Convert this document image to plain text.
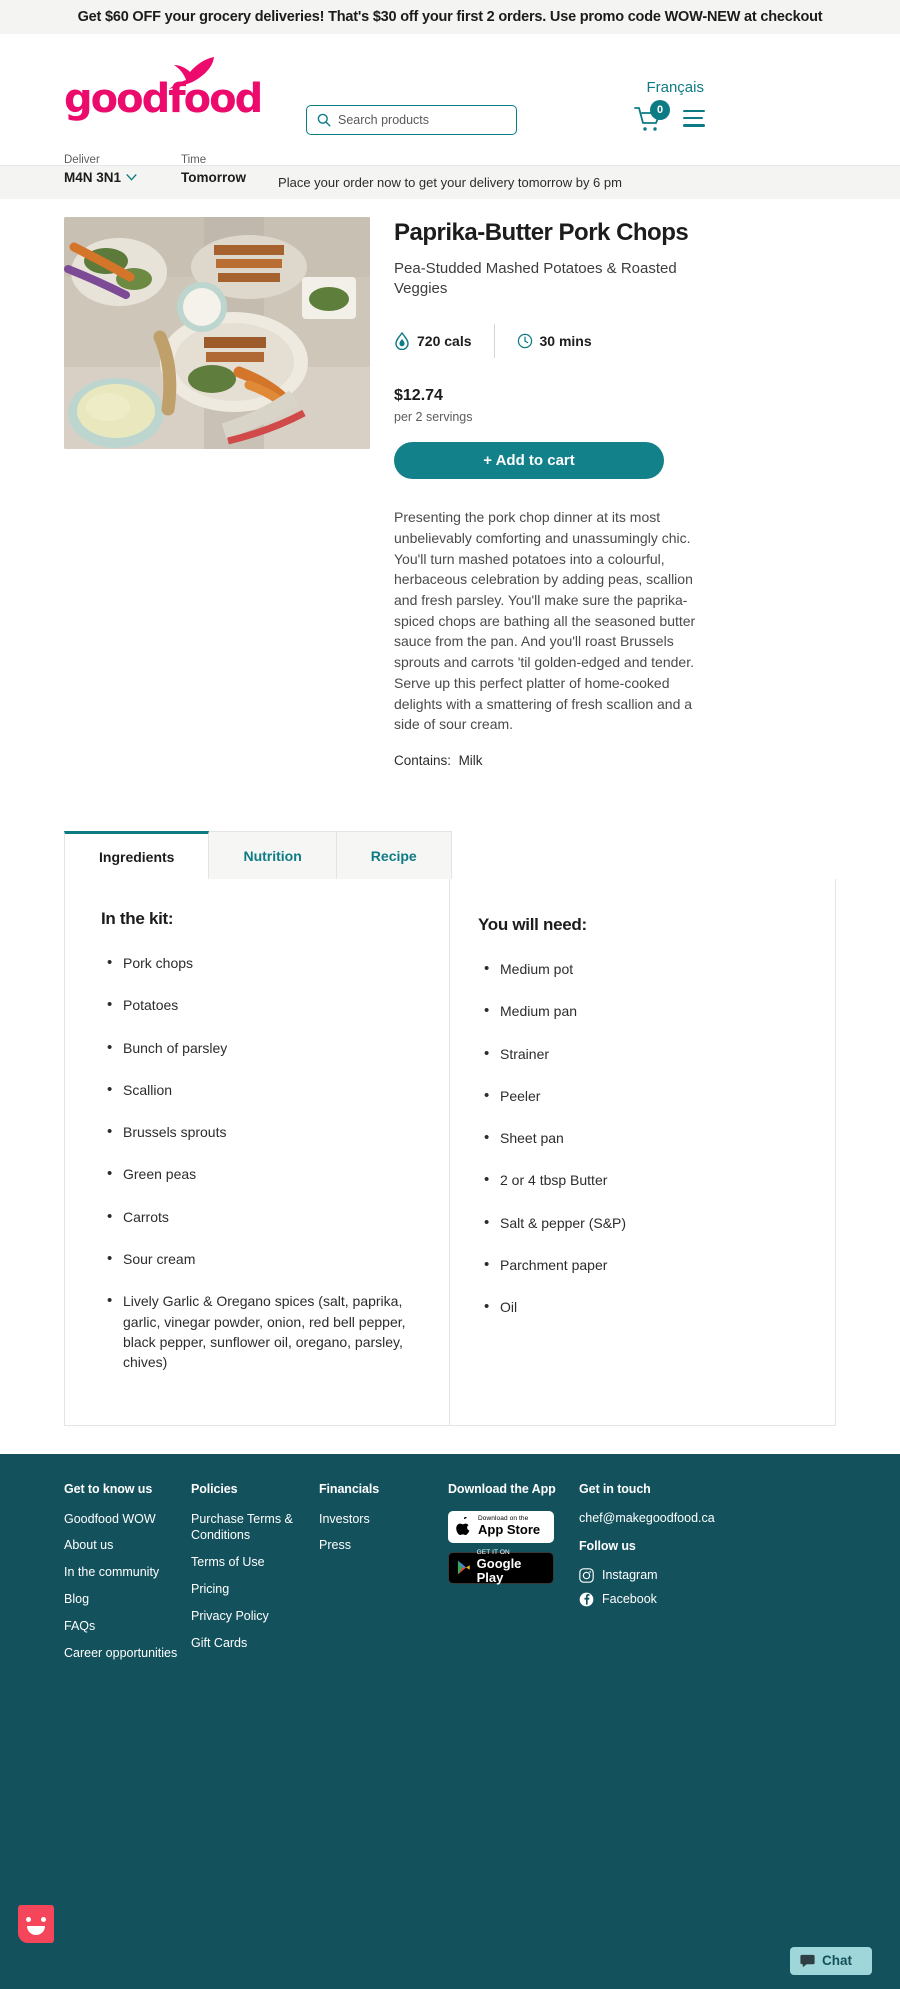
Get $60 OFF your grocery deliveries! That's $30 off your first 2 orders. Use promo code WOW-NEW at checkout
goodfood
Search products	Français
0
Deliver
M4N 3N1
Time
Tomorrow Place your order now to get your delivery tomorrow by 6 pm
Paprika-Butter Pork Chops
Pea-Studded Mashed Potatoes & Roasted Veggies
720 cals	30 mins
$12.74
per 2 servings
+ Add to cart
Presenting the pork chop dinner at its most unbelievably comforting and unassumingly chic. You'll turn mashed potatoes into a colourful, herbaceous celebration by adding peas, scallion and fresh parsley. You'll make sure the paprika-spiced chops are bathing all the seasoned butter sauce from the pan. And you'll roast Brussels sprouts and carrots 'til golden-edged and tender. Serve up this perfect platter of home-cooked delights with a smattering of fresh scallion and a side of sour cream.
Contains: Milk
Ingredients	Nutrition	Recipe
In the kit:
• Pork chops
• Potatoes
• Bunch of parsley
• Scallion
• Brussels sprouts
• Green peas
• Carrots
• Sour cream
• Lively Garlic & Oregano spices (salt, paprika, garlic, vinegar powder, onion, red bell pepper, black pepper, sunflower oil, oregano, parsley, chives)
You will need:
• Medium pot
• Medium pan
• Strainer
• Peeler
• Sheet pan
• 2 or 4 tbsp Butter
• Salt & pepper (S&P)
• Parchment paper
• Oil
Get to know us
Goodfood WOW
About us
In the community
Blog
FAQs
Career opportunities
Policies
Purchase Terms & Conditions
Terms of Use
Pricing
Privacy Policy
Gift Cards
Financials
Investors
Press
Download the App
Download on the
App Store
GET IT ON
Google Play
Get in touch
chef@makegoodfood.ca
Follow us
Instagram
Facebook
Chat
